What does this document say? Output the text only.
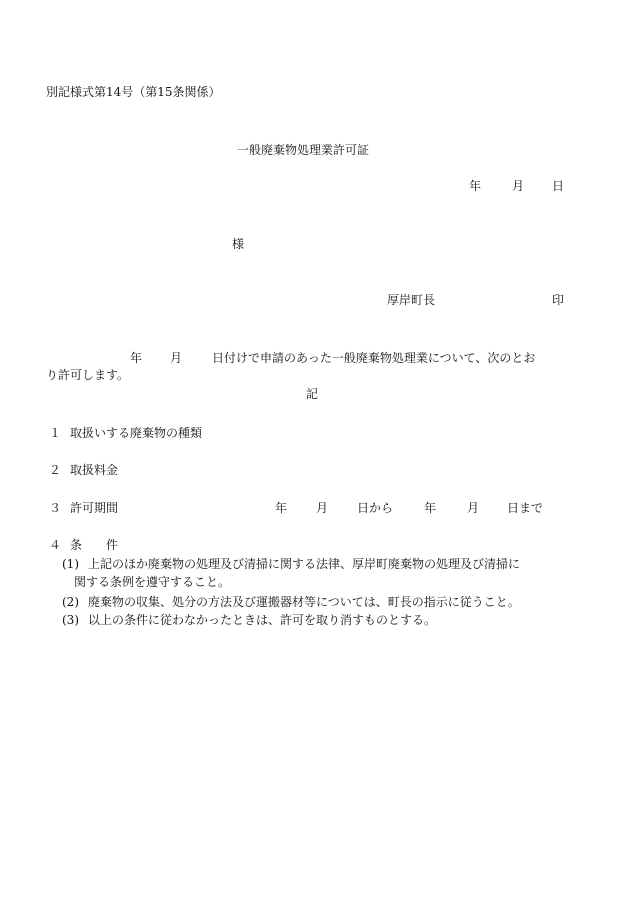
別記様式第14号（第15条関係）
一般廃棄物処理業許可証
年	月 日
様
厚岸町長	印
年 月 日付けで申請のあった一般廃棄物処理業について、次のとお
り許可します。
記
１ 取扱いする廃棄物の種類
２ 取扱料金
３ 許可期間	年 月 日から	年	月 日まで
４ 条　　件
(1) 上記のほか廃棄物の処理及び清掃に関する法律、厚岸町廃棄物の処理及び清掃に
関する条例を遵守すること。
(2) 廃棄物の収集、処分の方法及び運搬器材等については、町長の指示に従うこと。
(3) 以上の条件に従わなかったときは、許可を取り消すものとする。
